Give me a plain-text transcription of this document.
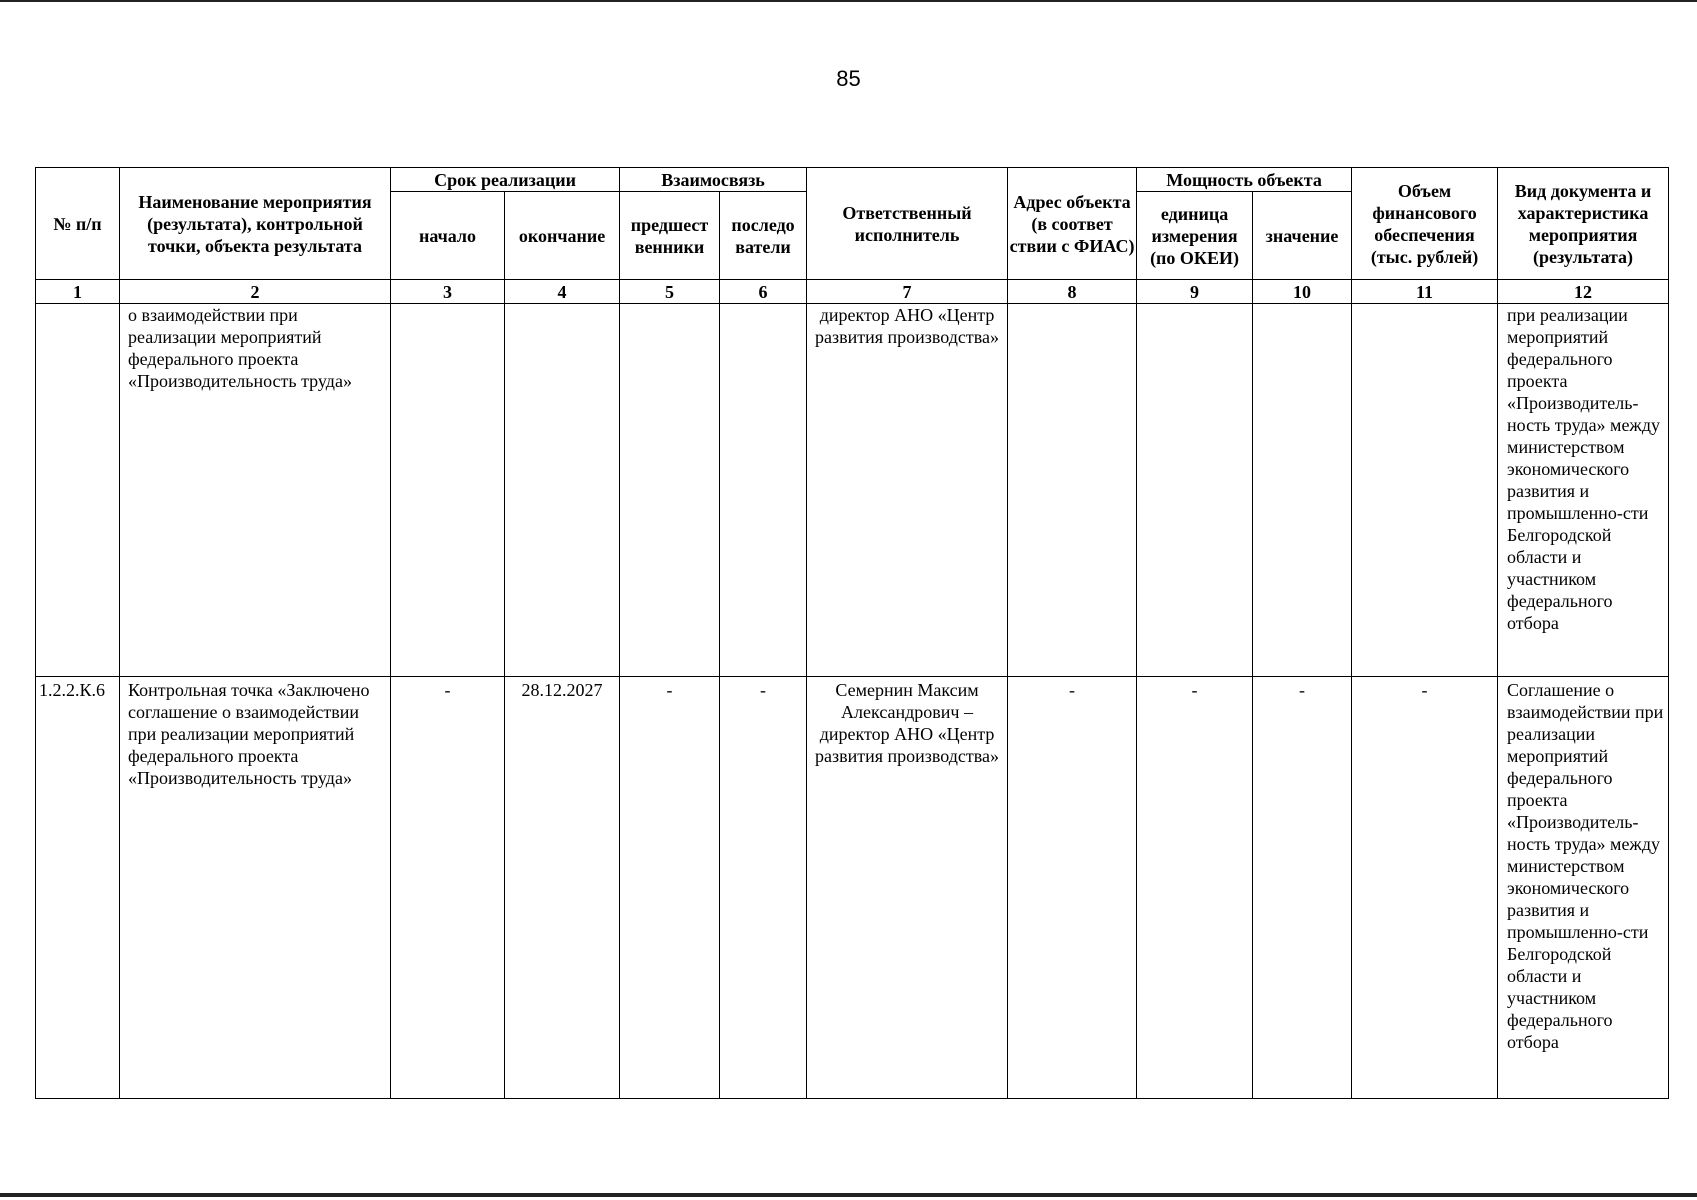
85
№ п/п	Наименование мероприятия (результата), контрольной точки, объекта результата	Срок реализации		Взаимосвязь		Ответственный исполнитель	Адрес объекта (в соответ ствии с ФИАС)	Мощность объекта		Объем финансового обеспечения (тыс. рублей)	Вид документа и характеристика мероприятия (результата)
		начало	окончание	предшест венники	последо ватели			единица измерения (по ОКЕИ)	значение		
1	2	3	4	5	6	7	8	9	10	11	12

	о взаимодействии при реализации мероприятий федерального проекта «Производительность труда»					директор АНО «Центр развития производства»					при реализации мероприятий федерального проекта «Производитель-ность труда» между министерством экономического развития и промышленно-сти Белгородской области и участником федерального отбора

1.2.2.К.6	Контрольная точка «Заключено соглашение о взаимодействии при реализации мероприятий федерального проекта «Производительность труда»	-	28.12.2027	-	-	Семернин Максим Александрович – директор АНО «Центр развития производства»	-	-	-	-	Соглашение о взаимодействии при реализации мероприятий федерального проекта «Производитель-ность труда» между министерством экономического развития и промышленно-сти Белгородской области и участником федерального отбора
